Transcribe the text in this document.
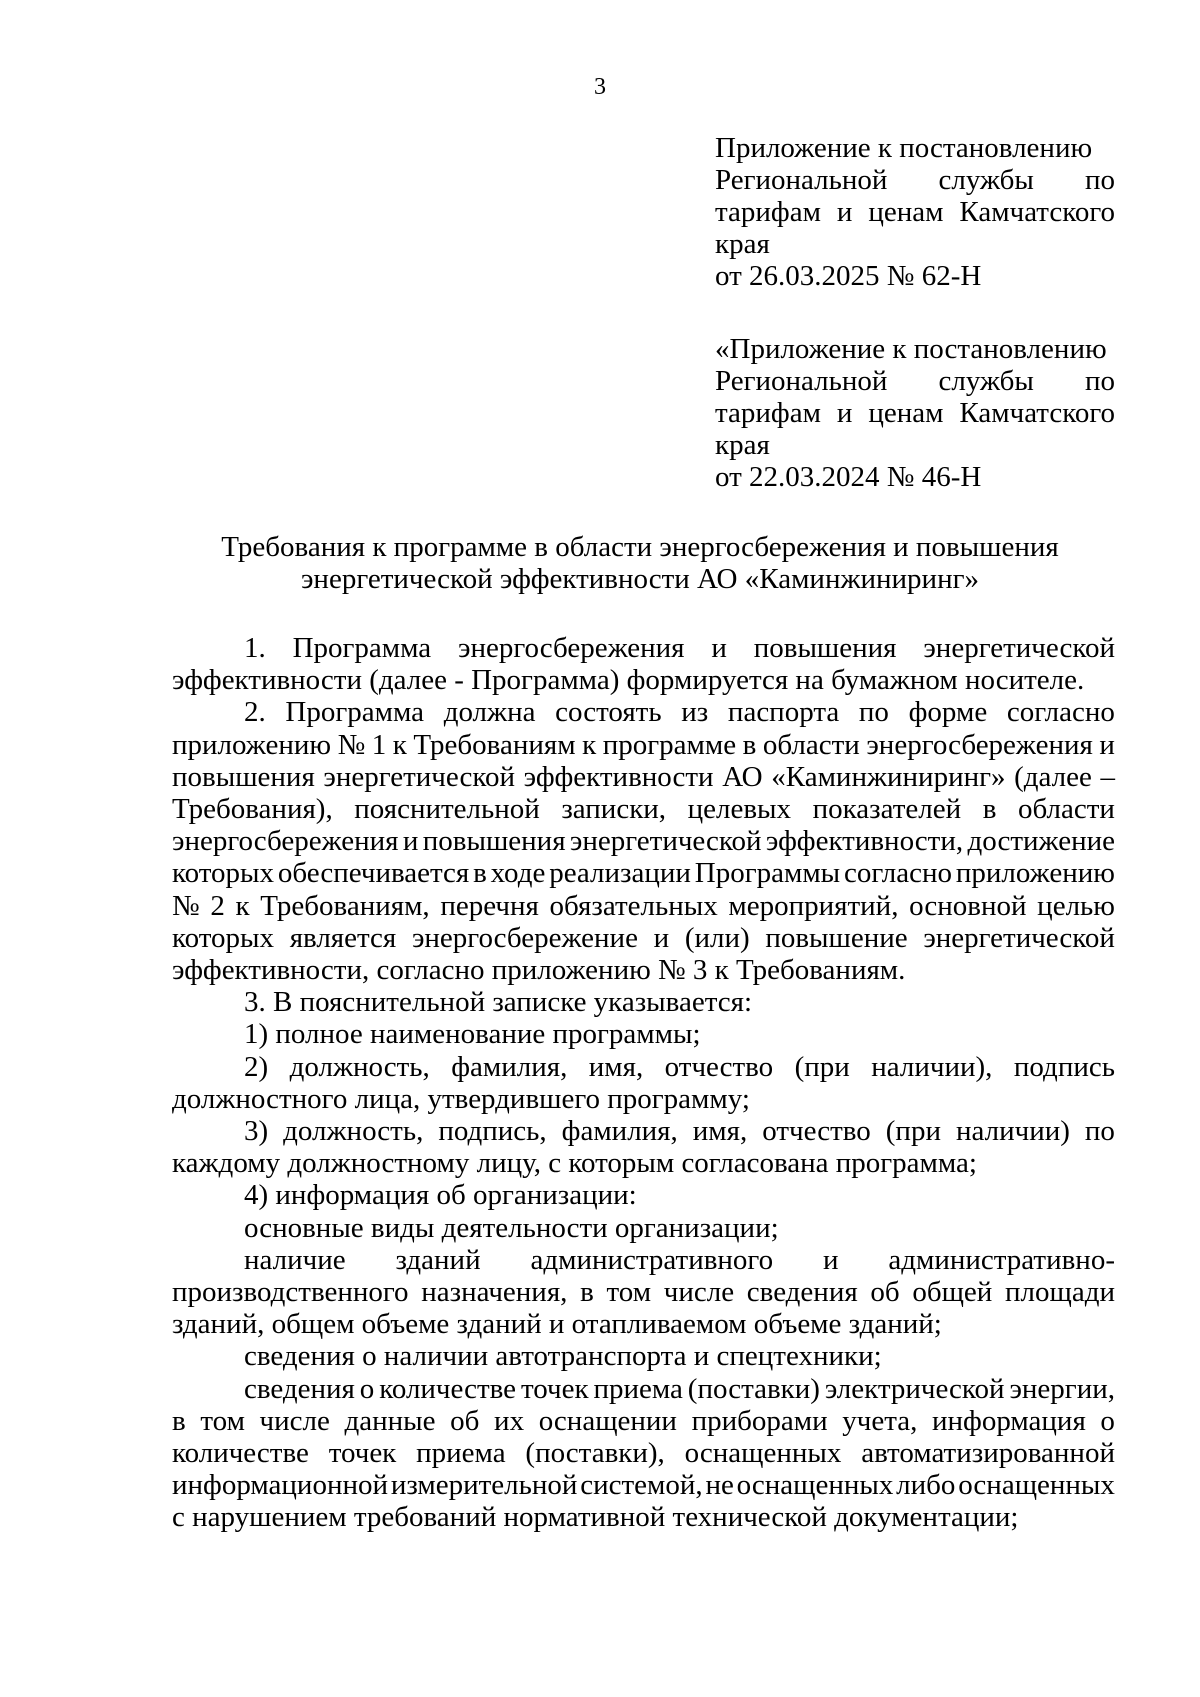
3
Приложение к постановлению
Региональной службы по
тарифам и ценам Камчатского
края
от 26.03.2025 № 62-Н
«Приложение к постановлению
Региональной службы по
тарифам и ценам Камчатского
края
от 22.03.2024 № 46-Н
Требования к программе в области энергосбережения и повышения
энергетической эффективности АО «Каминжиниринг»
1. Программа энергосбережения и повышения энергетической
эффективности (далее - Программа) формируется на бумажном носителе.
2. Программа должна состоять из паспорта по форме согласно
приложению № 1 к Требованиям к программе в области энергосбережения и
повышения энергетической эффективности АО «Каминжиниринг» (далее –
Требования), пояснительной записки, целевых показателей в области
энергосбережения и повышения энергетической эффективности, достижение
которых обеспечивается в ходе реализации Программы согласно приложению
№ 2 к Требованиям, перечня обязательных мероприятий, основной целью
которых является энергосбережение и (или) повышение энергетической
эффективности, согласно приложению № 3 к Требованиям.
3. В пояснительной записке указывается:
1) полное наименование программы;
2) должность, фамилия, имя, отчество (при наличии), подпись
должностного лица, утвердившего программу;
3) должность, подпись, фамилия, имя, отчество (при наличии) по
каждому должностному лицу, с которым согласована программа;
4) информация об организации:
основные виды деятельности организации;
наличие зданий административного и административно-
производственного назначения, в том числе сведения об общей площади
зданий, общем объеме зданий и отапливаемом объеме зданий;
сведения о наличии автотранспорта и спецтехники;
сведения о количестве точек приема (поставки) электрической энергии,
в том числе данные об их оснащении приборами учета, информация о
количестве точек приема (поставки), оснащенных автоматизированной
информационной измерительной системой, не оснащенных либо оснащенных
с нарушением требований нормативной технической документации;
